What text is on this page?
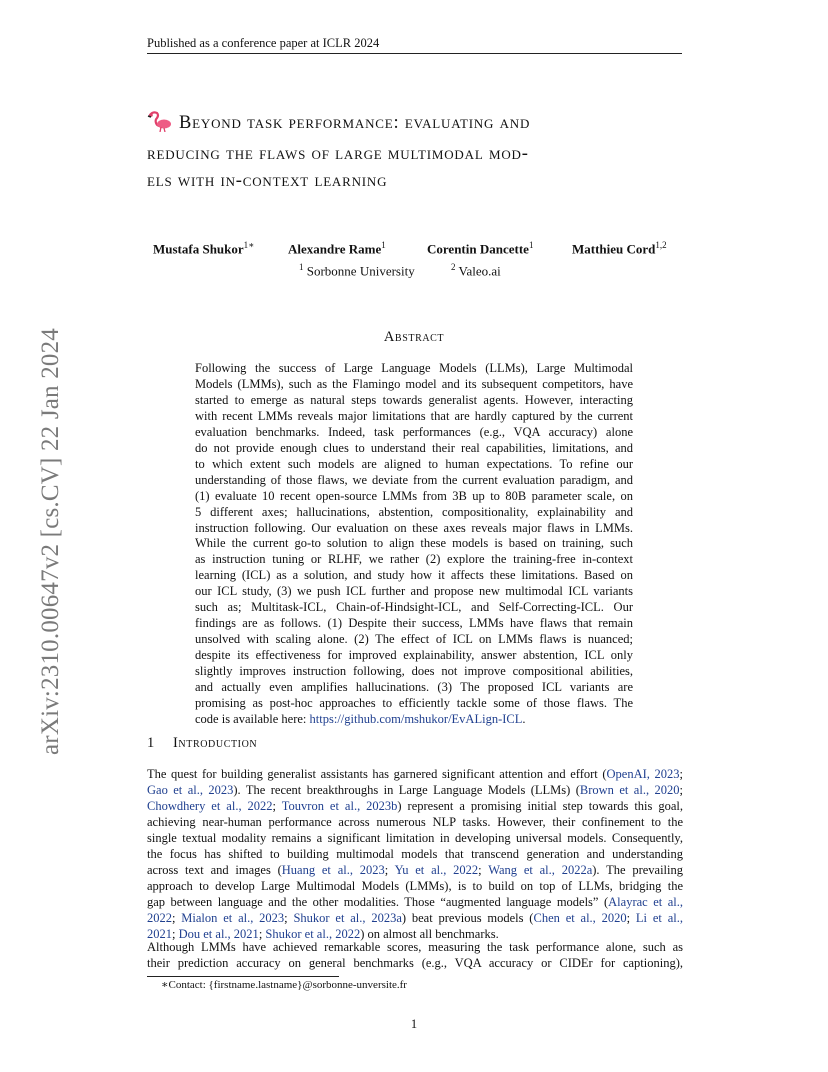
Published as a conference paper at ICLR 2024
arXiv:2310.00647v2 [cs.CV] 22 Jan 2024
Beyond task performance: evaluating and
reducing the flaws of large multimodal mod-
els with in-context learning
Mustafa Shukor$^{1∗}$	Alexandre Rame$^1$	Corentin Dancette$^1$	Matthieu Cord$^{1,2}$
$^1$ Sorbonne University	$^2$ Valeo.ai
Abstract
Following the success of Large Language Models (LLMs), Large Multimodal
Models (LMMs), such as the Flamingo model and its subsequent competitors, have
started to emerge as natural steps towards generalist agents. However, interacting
with recent LMMs reveals major limitations that are hardly captured by the current
evaluation benchmarks. Indeed, task performances (e.g., VQA accuracy) alone
do not provide enough clues to understand their real capabilities, limitations, and
to which extent such models are aligned to human expectations. To refine our
understanding of those flaws, we deviate from the current evaluation paradigm, and
(1) evaluate 10 recent open-source LMMs from 3B up to 80B parameter scale, on
5 different axes; hallucinations, abstention, compositionality, explainability and
instruction following. Our evaluation on these axes reveals major flaws in LMMs.
While the current go-to solution to align these models is based on training, such
as instruction tuning or RLHF, we rather (2) explore the training-free in-context
learning (ICL) as a solution, and study how it affects these limitations. Based on
our ICL study, (3) we push ICL further and propose new multimodal ICL variants
such as; Multitask-ICL, Chain-of-Hindsight-ICL, and Self-Correcting-ICL. Our
findings are as follows. (1) Despite their success, LMMs have flaws that remain
unsolved with scaling alone. (2) The effect of ICL on LMMs flaws is nuanced;
despite its effectiveness for improved explainability, answer abstention, ICL only
slightly improves instruction following, does not improve compositional abilities,
and actually even amplifies hallucinations. (3) The proposed ICL variants are
promising as post-hoc approaches to efficiently tackle some of those flaws. The
code is available here: https://github.com/mshukor/EvALign-ICL.
1 Introduction
The quest for building generalist assistants has garnered significant attention and effort (OpenAI, 2023;
Gao et al., 2023). The recent breakthroughs in Large Language Models (LLMs) (Brown et al., 2020;
Chowdhery et al., 2022; Touvron et al., 2023b) represent a promising initial step towards this goal,
achieving near-human performance across numerous NLP tasks. However, their confinement to the
single textual modality remains a significant limitation in developing universal models. Consequently,
the focus has shifted to building multimodal models that transcend generation and understanding
across text and images (Huang et al., 2023; Yu et al., 2022; Wang et al., 2022a). The prevailing
approach to develop Large Multimodal Models (LMMs), is to build on top of LLMs, bridging the
gap between language and the other modalities. Those “augmented language models” (Alayrac et al.,
2022; Mialon et al., 2023; Shukor et al., 2023a) beat previous models (Chen et al., 2020; Li et al.,
2021; Dou et al., 2021; Shukor et al., 2022) on almost all benchmarks.
Although LMMs have achieved remarkable scores, measuring the task performance alone, such as
their prediction accuracy on general benchmarks (e.g., VQA accuracy or CIDEr for captioning),
∗Contact: {firstname.lastname}@sorbonne-unversite.fr
1
